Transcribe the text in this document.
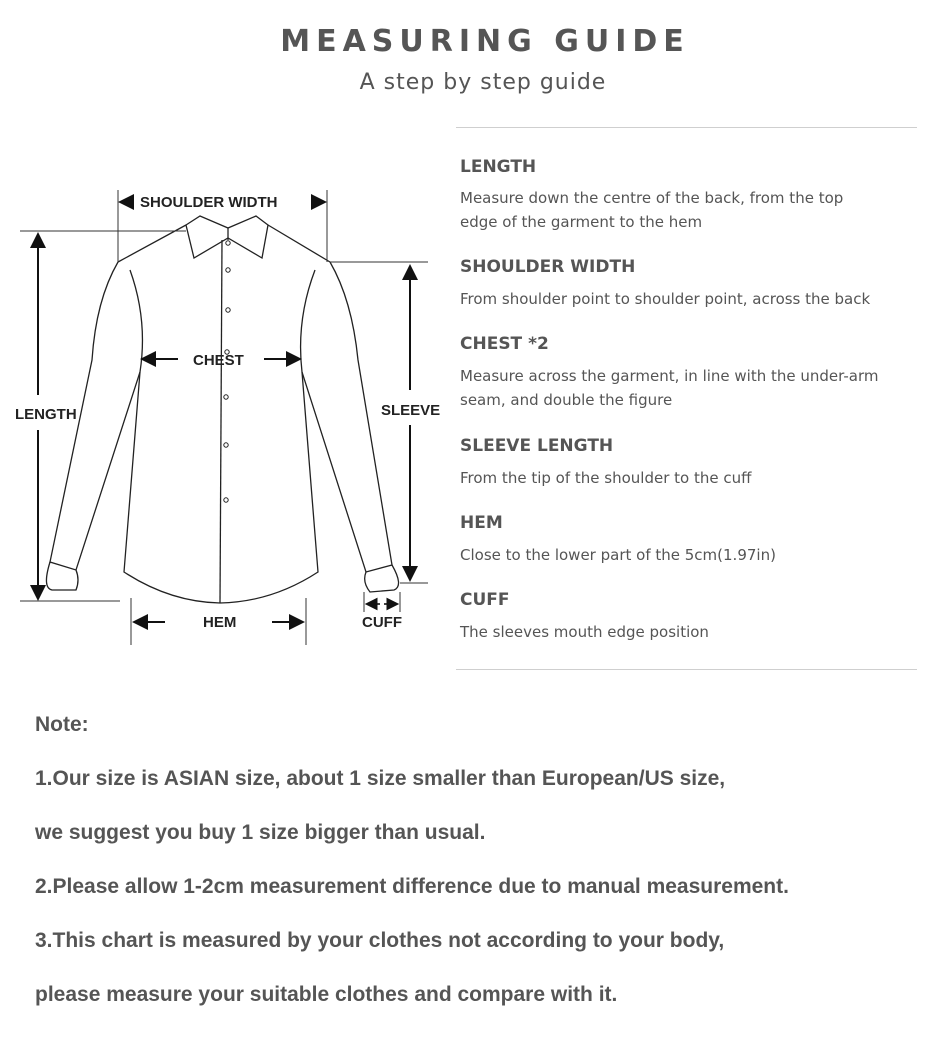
MEASURING GUIDE
A step by step guide
SHOULDER WIDTH
CHEST
LENGTH	SLEEVE
HEM	CUFF

LENGTH

Measure down the centre of the back, from the top

edge of the garment to the hem

SHOULDER WIDTH

From shoulder point to shoulder point, across the back

CHEST *2

Measure across the garment, in line with the under-arm

seam, and double the figure

SLEEVE LENGTH

From the tip of the shoulder to the cuff

HEM

Close to the lower part of the 5cm(1.97in)

CUFF

The sleeves mouth edge position

Note:
1.Our size is ASIAN size, about 1 size smaller than European/US size,
we suggest you buy 1 size bigger than usual.
2.Please allow 1-2cm measurement difference due to manual measurement.
3.This chart is measured by your clothes not according to your body,
please measure your suitable clothes and compare with it.
